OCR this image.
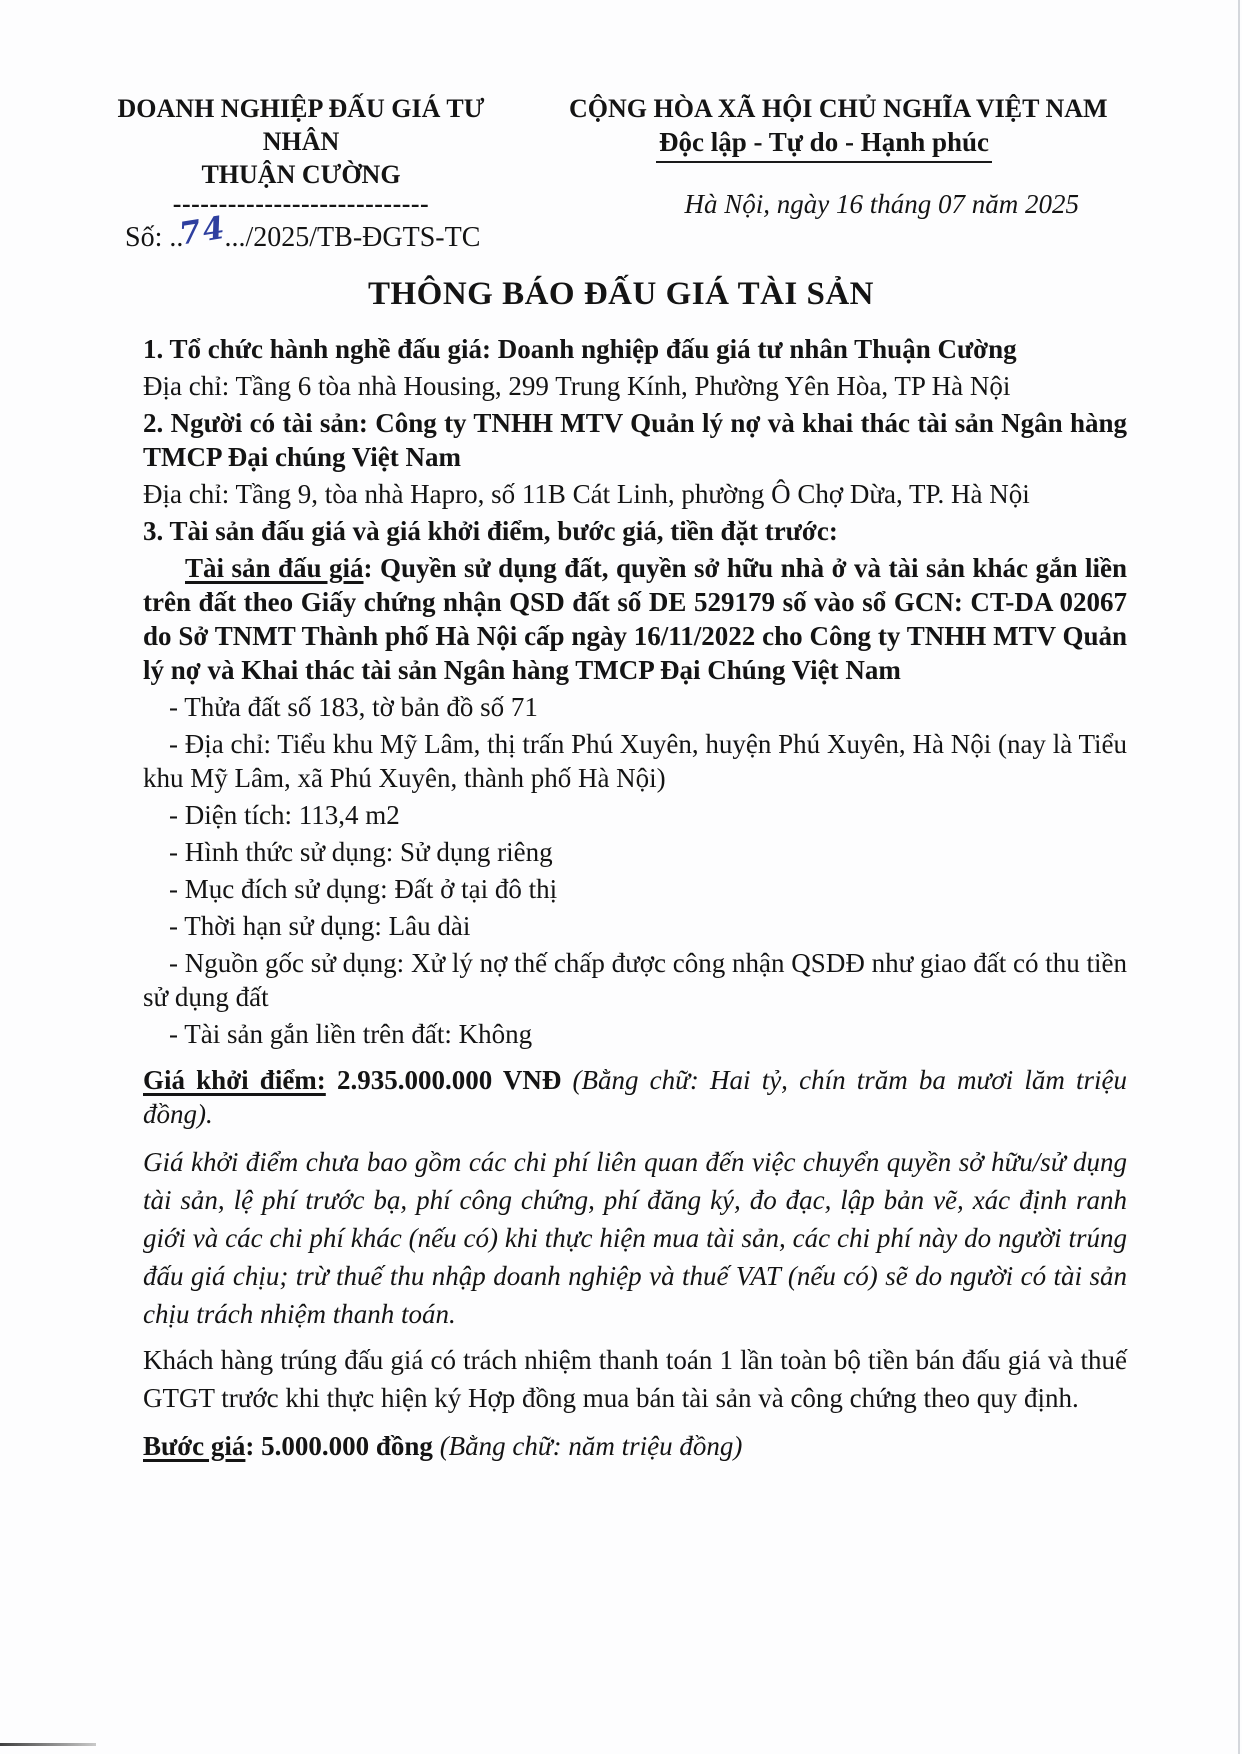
DOANH NGHIỆP ĐẤU GIÁ TƯ NHÂN
THUẬN CƯỜNG
----------------------------
Số: ..74.../2025/TB-ĐGTS-TC
CỘNG HÒA XÃ HỘI CHỦ NGHĨA VIỆT NAM
Độc lập - Tự do - Hạnh phúc
Hà Nội, ngày 16 tháng 07 năm 2025
THÔNG BÁO ĐẤU GIÁ TÀI SẢN

1. Tổ chức hành nghề đấu giá: Doanh nghiệp đấu giá tư nhân Thuận Cường

Địa chỉ: Tầng 6 tòa nhà Housing, 299 Trung Kính, Phường Yên Hòa, TP Hà Nội

2. Người có tài sản: Công ty TNHH MTV Quản lý nợ và khai thác tài sản Ngân hàng TMCP Đại chúng Việt Nam

Địa chỉ: Tầng 9, tòa nhà Hapro, số 11B Cát Linh, phường Ô Chợ Dừa, TP. Hà Nội

3. Tài sản đấu giá và giá khởi điểm, bước giá, tiền đặt trước:

Tài sản đấu giá: Quyền sử dụng đất, quyền sở hữu nhà ở và tài sản khác gắn liền trên đất theo Giấy chứng nhận QSD đất số DE 529179 số vào sổ GCN: CT-DA 02067 do Sở TNMT Thành phố Hà Nội cấp ngày 16/11/2022 cho Công ty TNHH MTV Quản lý nợ và Khai thác tài sản Ngân hàng TMCP Đại Chúng Việt Nam

- Thửa đất số 183, tờ bản đồ số 71

- Địa chỉ: Tiểu khu Mỹ Lâm, thị trấn Phú Xuyên, huyện Phú Xuyên, Hà Nội (nay là Tiểu khu Mỹ Lâm, xã Phú Xuyên, thành phố Hà Nội)

- Diện tích: 113,4 m2

- Hình thức sử dụng: Sử dụng riêng

- Mục đích sử dụng: Đất ở tại đô thị

- Thời hạn sử dụng: Lâu dài

- Nguồn gốc sử dụng: Xử lý nợ thế chấp được công nhận QSDĐ như giao đất có thu tiền sử dụng đất

- Tài sản gắn liền trên đất: Không

Giá khởi điểm: 2.935.000.000 VNĐ (Bằng chữ: Hai tỷ, chín trăm ba mươi lăm triệu đồng).

Giá khởi điểm chưa bao gồm các chi phí liên quan đến việc chuyển quyền sở hữu/sử dụng tài sản, lệ phí trước bạ, phí công chứng, phí đăng ký, đo đạc, lập bản vẽ, xác định ranh giới và các chi phí khác (nếu có) khi thực hiện mua tài sản, các chi phí này do người trúng đấu giá chịu; trừ thuế thu nhập doanh nghiệp và thuế VAT (nếu có) sẽ do người có tài sản chịu trách nhiệm thanh toán.

Khách hàng trúng đấu giá có trách nhiệm thanh toán 1 lần toàn bộ tiền bán đấu giá và thuế GTGT trước khi thực hiện ký Hợp đồng mua bán tài sản và công chứng theo quy định.

Bước giá: 5.000.000 đồng (Bằng chữ: năm triệu đồng)
